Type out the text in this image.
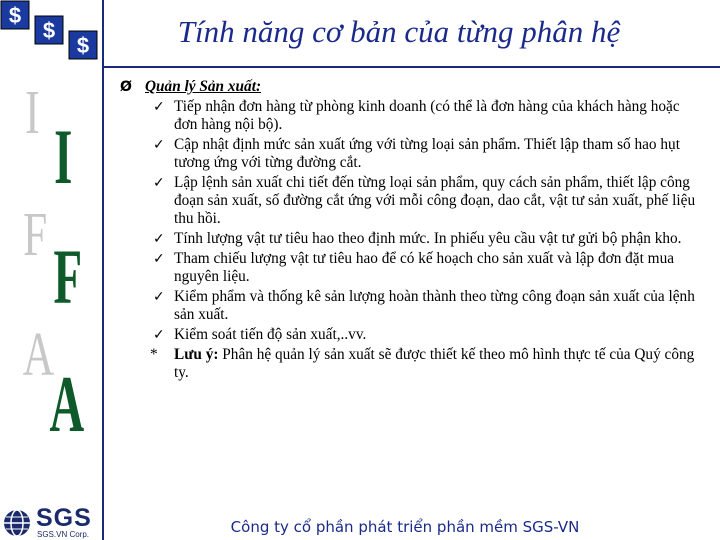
$
$
$
I
F
A
I
F
A
SGS
SGS.VN Corp.
Tính năng cơ bản của từng phân hệ
Ø Quản lý Sản xuất:
✓ Tiếp nhận đơn hàng từ phòng kinh doanh (có thể là đơn hàng của khách hàng hoặc đơn hàng nội bộ).
✓ Cập nhật định mức sản xuất ứng với từng loại sản phẩm. Thiết lập tham số hao hụt tương ứng với từng đường cắt.
✓ Lập lệnh sản xuất chi tiết đến từng loại sản phẩm, quy cách sản phẩm, thiết lập công đoạn sản xuất, số đường cắt ứng với mỗi công đoạn, dao cắt, vật tư sản xuất, phế liệu thu hồi.
✓ Tính lượng vật tư tiêu hao theo định mức. In phiếu yêu cầu vật tư gửi bộ phận kho.
✓ Tham chiếu lượng vật tư tiêu hao để có kế hoạch cho sản xuất và lập đơn đặt mua nguyên liệu.
✓ Kiểm phẩm và thống kê sản lượng hoàn thành theo từng công đoạn sản xuất của lệnh sản xuất.
✓ Kiểm soát tiến độ sản xuất,..vv.
* Lưu ý: Phân hệ quản lý sản xuất sẽ được thiết kế theo mô hình thực tế của Quý công ty.
Công ty cổ phần phát triển phần mềm SGS-VN
